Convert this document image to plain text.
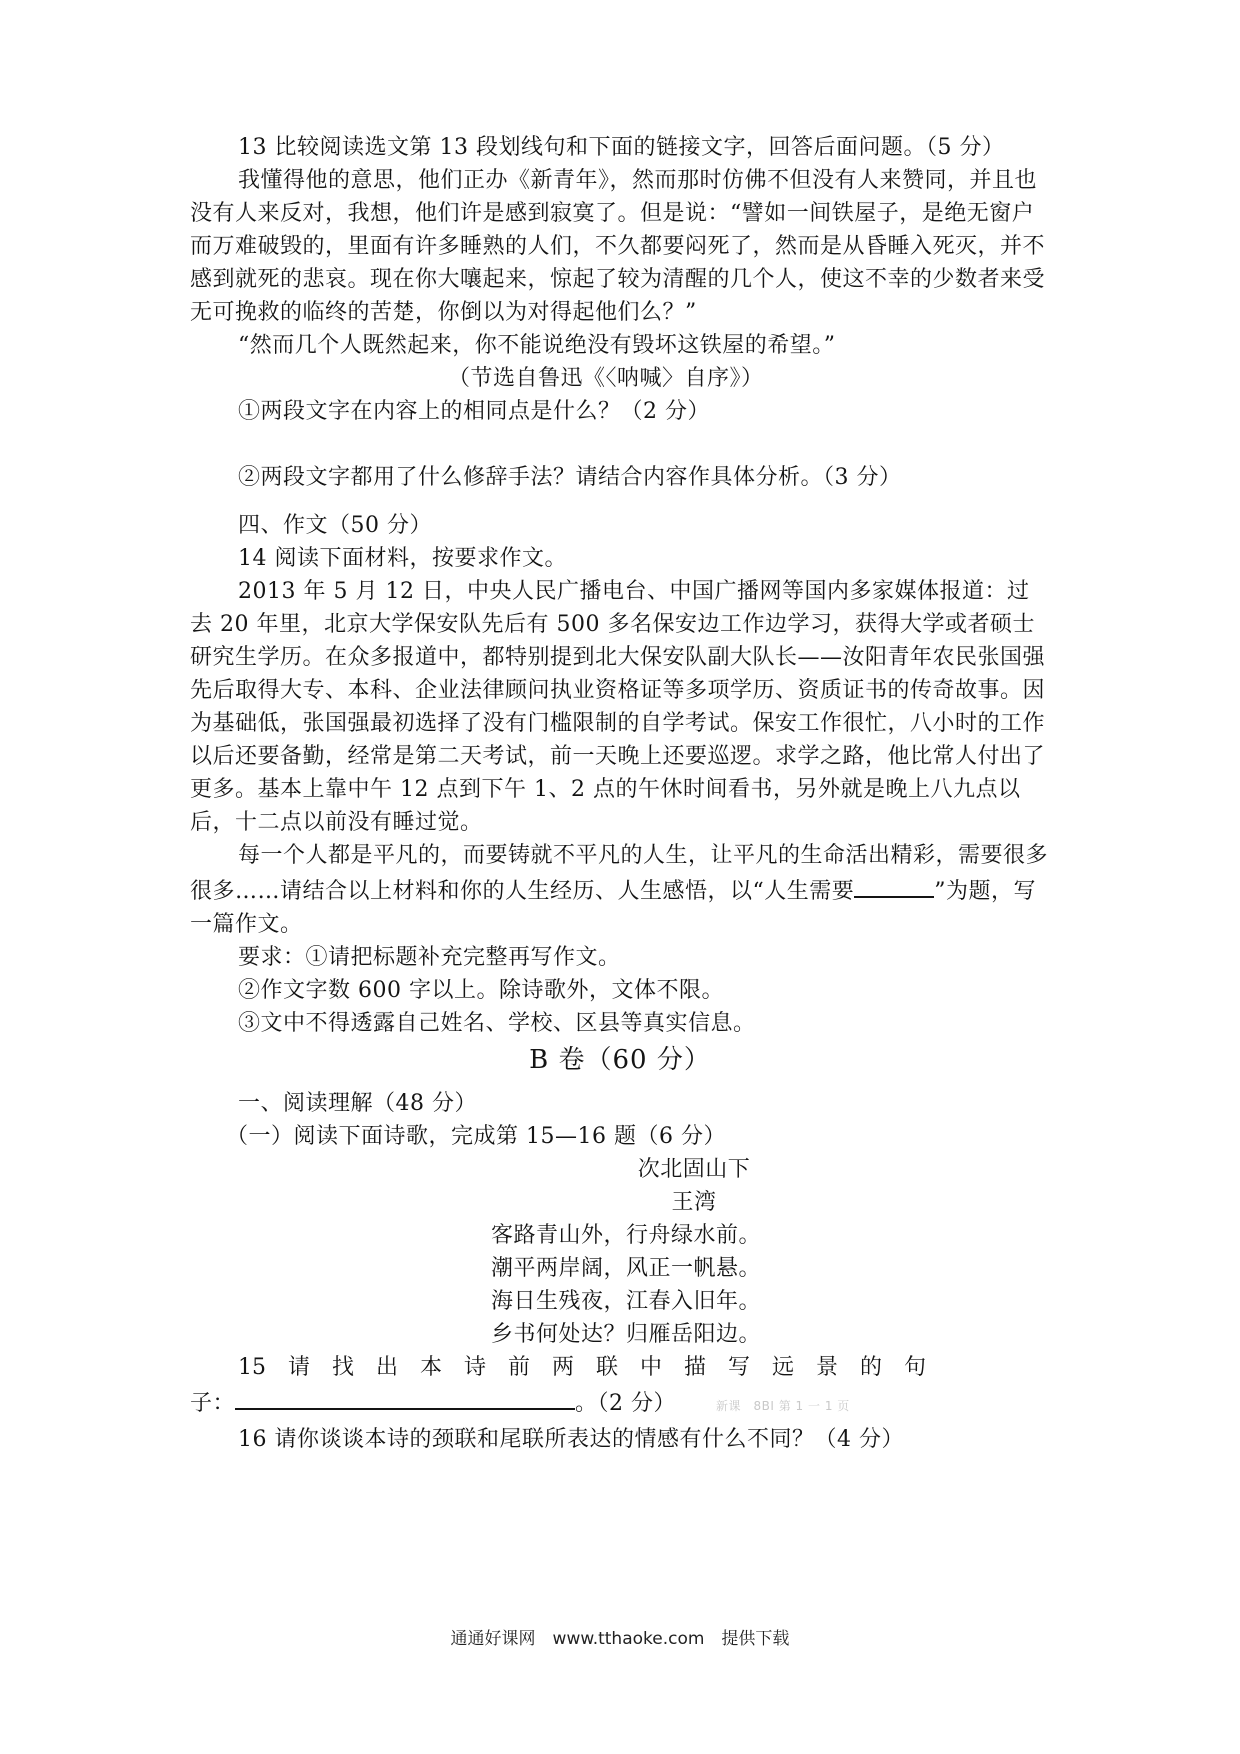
13 比较阅读选文第 13 段划线句和下面的链接文字，回答后面问题。（5 分）

我懂得他的意思，他们正办《新青年》，然而那时仿佛不但没有人来赞同，并且也没有人来反对，我想，他们许是感到寂寞了。但是说：“譬如一间铁屋子，是绝无窗户而万难破毁的，里面有许多睡熟的人们，不久都要闷死了，然而是从昏睡入死灭，并不感到就死的悲哀。现在你大嚷起来，惊起了较为清醒的几个人，使这不幸的少数者来受无可挽救的临终的苦楚，你倒以为对得起他们么？”

“然而几个人既然起来，你不能说绝没有毁坏这铁屋的希望。”

（节选自鲁迅《〈呐喊〉自序》）

①两段文字在内容上的相同点是什么？（2 分）

②两段文字都用了什么修辞手法？请结合内容作具体分析。（3 分）

四、作文（50 分）

14 阅读下面材料，按要求作文。

2013 年 5 月 12 日，中央人民广播电台、中国广播网等国内多家媒体报道：过去 20 年里，北京大学保安队先后有 500 多名保安边工作边学习，获得大学或者硕士研究生学历。在众多报道中，都特别提到北大保安队副大队长——汝阳青年农民张国强先后取得大专、本科、企业法律顾问执业资格证等多项学历、资质证书的传奇故事。因为基础低，张国强最初选择了没有门槛限制的自学考试。保安工作很忙，八小时的工作以后还要备勤，经常是第二天考试，前一天晚上还要巡逻。求学之路，他比常人付出了更多。基本上靠中午 12 点到下午 1、2 点的午休时间看书，另外就是晚上八九点以后，十二点以前没有睡过觉。

每一个人都是平凡的，而要铸就不平凡的人生，让平凡的生命活出精彩，需要很多很多……请结合以上材料和你的人生经历、人生感悟，以“人生需要	”为题，写一篇作文。

要求：①请把标题补充完整再写作文。

②作文字数 600 字以上。除诗歌外，文体不限。

③文中不得透露自己姓名、学校、区县等真实信息。

B 卷（60 分）

一、阅读理解（48 分）

（一）阅读下面诗歌，完成第 15—16 题（6 分）

次北固山下

王湾

客路青山外，行舟绿水前。

潮平两岸阔，风正一帆悬。

海日生残夜，江春入旧年。

乡书何处达？归雁岳阳边。

15　请　找　出　本　诗　前　两　联　中　描　写　远　景　的　句

子：	。（2 分）	新课　8BI 第 1 一 1 页

16 请你谈谈本诗的颈联和尾联所表达的情感有什么不同？（4 分）

通通好课网　www.tthaoke.com　提供下载
